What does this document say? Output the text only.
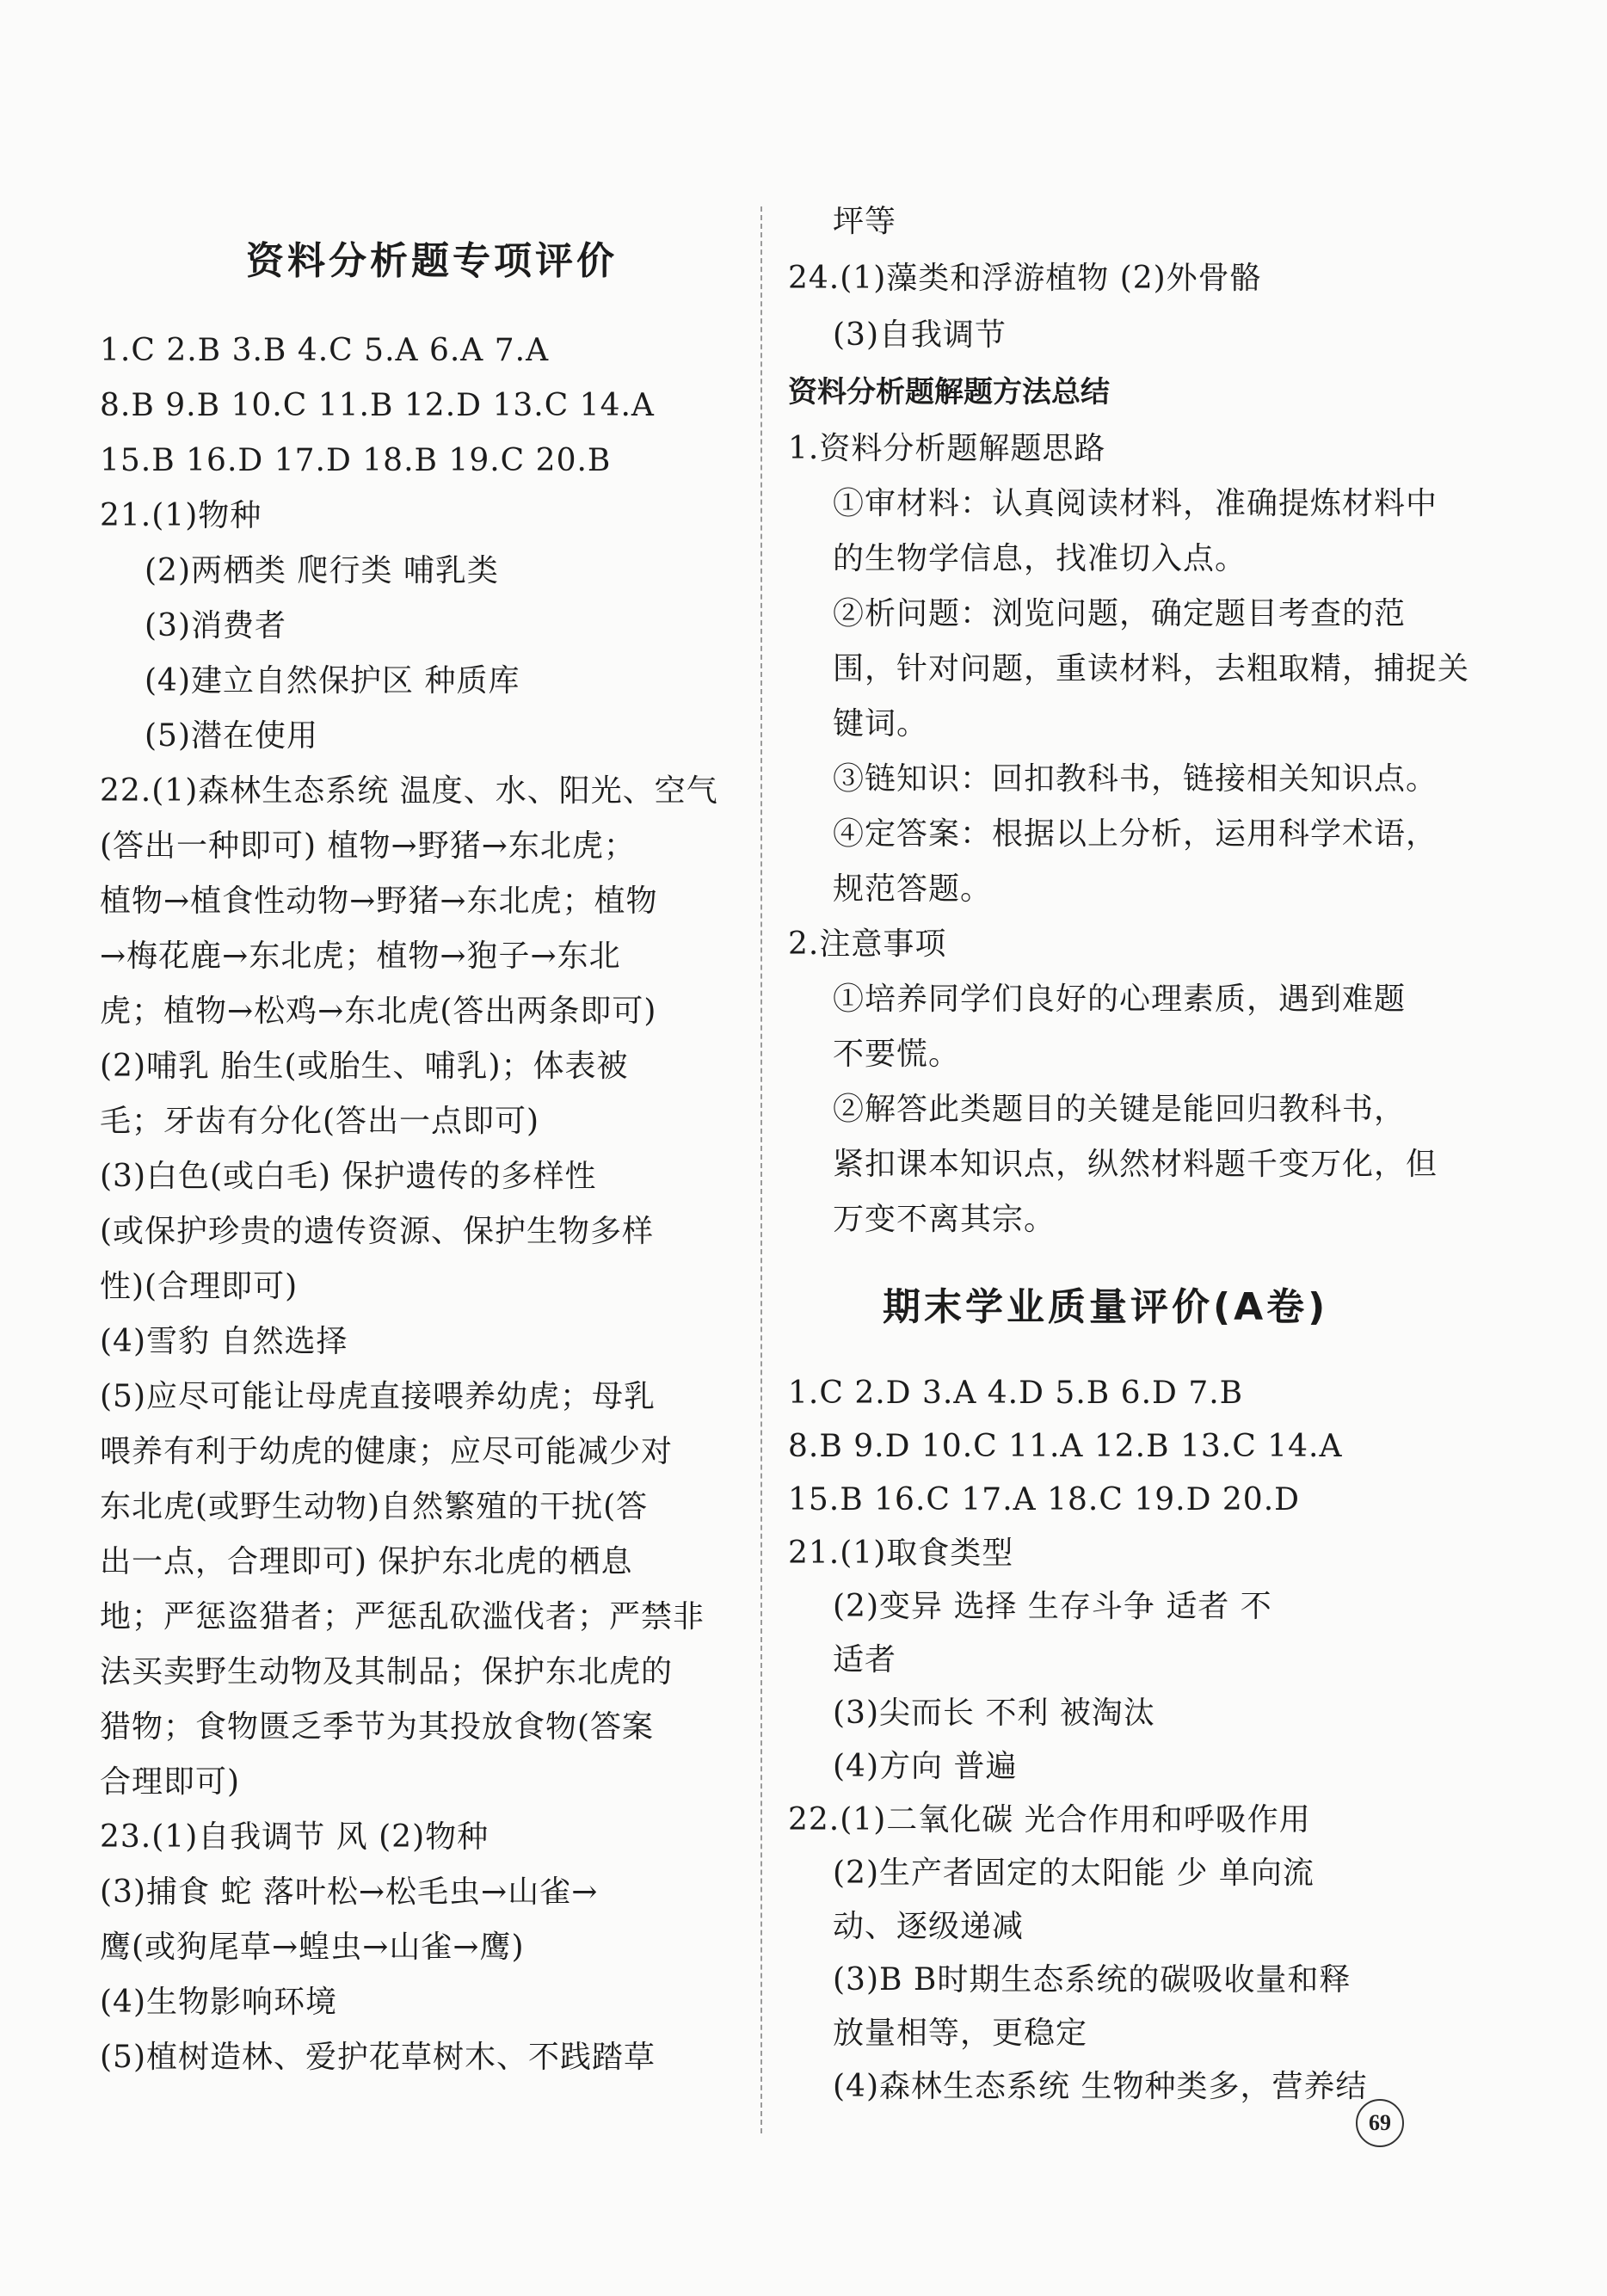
资料分析题专项评价
1.C 2.B 3.B 4.C 5.A 6.A 7.A
8.B 9.B 10.C 11.B 12.D 13.C 14.A
15.B 16.D 17.D 18.B 19.C 20.B
21.(1)物种
(2)两栖类 爬行类 哺乳类
(3)消费者
(4)建立自然保护区 种质库
(5)潜在使用
22.(1)森林生态系统 温度、水、阳光、空气
(答出一种即可) 植物→野猪→东北虎；
植物→植食性动物→野猪→东北虎；植物
→梅花鹿→东北虎；植物→狍子→东北
虎；植物→松鸡→东北虎(答出两条即可)
(2)哺乳 胎生(或胎生、哺乳)；体表被
毛；牙齿有分化(答出一点即可)
(3)白色(或白毛) 保护遗传的多样性
(或保护珍贵的遗传资源、保护生物多样
性)(合理即可)
(4)雪豹 自然选择
(5)应尽可能让母虎直接喂养幼虎；母乳
喂养有利于幼虎的健康；应尽可能减少对
东北虎(或野生动物)自然繁殖的干扰(答
出一点，合理即可) 保护东北虎的栖息
地；严惩盗猎者；严惩乱砍滥伐者；严禁非
法买卖野生动物及其制品；保护东北虎的
猎物；食物匮乏季节为其投放食物(答案
合理即可)
23.(1)自我调节 风 (2)物种
(3)捕食 蛇 落叶松→松毛虫→山雀→
鹰(或狗尾草→蝗虫→山雀→鹰)
(4)生物影响环境
(5)植树造林、爱护花草树木、不践踏草
坪等
24.(1)藻类和浮游植物 (2)外骨骼
(3)自我调节
资料分析题解题方法总结
1.资料分析题解题思路
①审材料：认真阅读材料，准确提炼材料中
的生物学信息，找准切入点。
②析问题：浏览问题，确定题目考查的范
围，针对问题，重读材料，去粗取精，捕捉关
键词。
③链知识：回扣教科书，链接相关知识点。
④定答案：根据以上分析，运用科学术语，
规范答题。
2.注意事项
①培养同学们良好的心理素质，遇到难题
不要慌。
②解答此类题目的关键是能回归教科书，
紧扣课本知识点，纵然材料题千变万化，但
万变不离其宗。
期末学业质量评价(A卷)
1.C 2.D 3.A 4.D 5.B 6.D 7.B
8.B 9.D 10.C 11.A 12.B 13.C 14.A
15.B 16.C 17.A 18.C 19.D 20.D
21.(1)取食类型
(2)变异 选择 生存斗争 适者 不
适者
(3)尖而长 不利 被淘汰
(4)方向 普遍
22.(1)二氧化碳 光合作用和呼吸作用
(2)生产者固定的太阳能 少 单向流
动、逐级递减
(3)B B时期生态系统的碳吸收量和释
放量相等，更稳定
(4)森林生态系统 生物种类多，营养结
69
